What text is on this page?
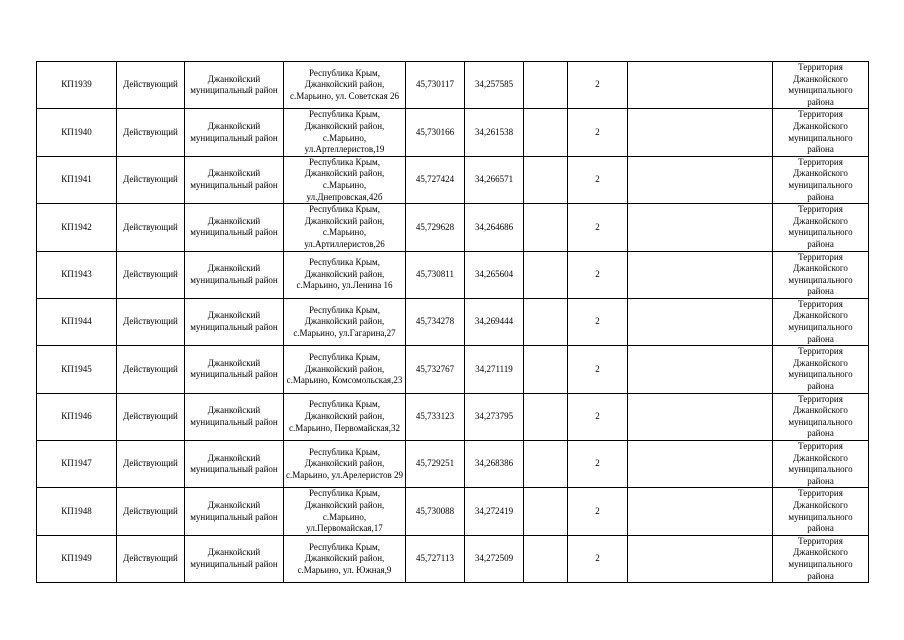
КП1939	Действующий	Джанкойский муниципальный район	Республика Крым, Джанкойский район, с.Марьино, ул. Советская 26	45,730117	34,257585		2		Территория Джанкойского муниципального района
КП1940	Действующий	Джанкойский муниципальный район	Республика Крым, Джанкойский район, с.Марьино, ул.Артеллеристов,19	45,730166	34,261538		2		Территория Джанкойского муниципального района
КП1941	Действующий	Джанкойский муниципальный район	Республика Крым, Джанкойский район, с.Марьино, ул.Днепровская,42б	45,727424	34,266571		2		Территория Джанкойского муниципального района
КП1942	Действующий	Джанкойский муниципальный район	Республика Крым, Джанкойский район, с.Марьино, ул.Артиллеристов,26	45,729628	34,264686		2		Территория Джанкойского муниципального района
КП1943	Действующий	Джанкойский муниципальный район	Республика Крым, Джанкойский район, с.Марьино, ул.Ленина 16	45,730811	34,265604		2		Территория Джанкойского муниципального района
КП1944	Действующий	Джанкойский муниципальный район	Республика Крым, Джанкойский район, с.Марьино, ул.Гагарина,27	45,734278	34,269444		2		Территория Джанкойского муниципального района
КП1945	Действующий	Джанкойский муниципальный район	Республика Крым, Джанкойский район, с.Марьино, Комсомольская,23	45,732767	34,271119		2		Территория Джанкойского муниципального района
КП1946	Действующий	Джанкойский муниципальный район	Республика Крым, Джанкойский район, с.Марьино, Первомайская,32	45,733123	34,273795		2		Территория Джанкойского муниципального района
КП1947	Действующий	Джанкойский муниципальный район	Республика Крым, Джанкойский район, с.Марьино, ул.Арелеристов 29	45,729251	34,268386		2		Территория Джанкойского муниципального района
КП1948	Действующий	Джанкойский муниципальный район	Республика Крым, Джанкойский район, с.Марьино, ул.Первомайская,17	45,730088	34,272419		2		Территория Джанкойского муниципального района
КП1949	Действующий	Джанкойский муниципальный район	Республика Крым, Джанкойский район, с.Марьино, ул. Южная,9	45,727113	34,272509		2		Территория Джанкойского муниципального района
